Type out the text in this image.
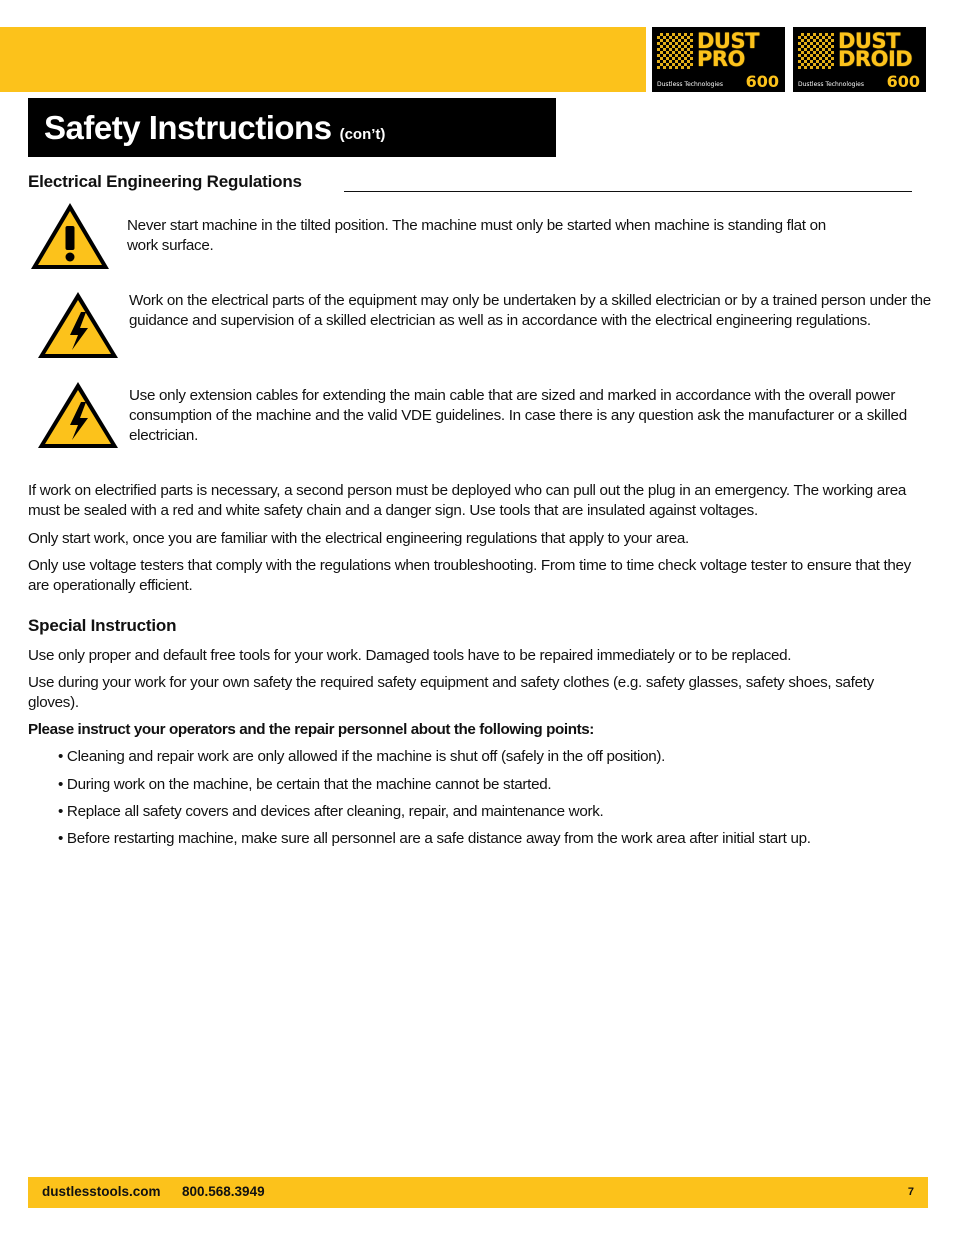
DUST
PRO
600
Dustless Technologies
DUST
DROID
600
Dustless Technologies
Safety Instructions (con’t)
Electrical Engineering Regulations
Never start machine in the tilted position. The machine must only be started when machine is standing flat on work surface.
Work on the electrical parts of the equipment may only be undertaken by a skilled electrician or by a trained person under the guidance and supervision of a skilled electrician as well as in accordance with the electrical engineering regulations.
Use only extension cables for extending the main cable that are sized and marked in accordance with the overall power consumption of the machine and the valid VDE guidelines. In case there is any question ask the manufacturer or a skilled electrician.

If work on electrified parts is necessary, a second person must be deployed who can pull out the plug in an emergency. The working area must be sealed with a red and white safety chain and a danger sign. Use tools that are insulated against voltages.

Only start work, once you are familiar with the electrical engineering regulations that apply to your area.

Only use voltage testers that comply with the regulations when troubleshooting. From time to time check voltage tester to ensure that they are operationally efficient.

Special Instruction

Use only proper and default free tools for your work. Damaged tools have to be repaired immediately or to be replaced.

Use during your work for your own safety the required safety equipment and safety clothes (e.g. safety glasses, safety shoes, safety gloves).

Please instruct your operators and the repair personnel about the following points:

• Cleaning and repair work are only allowed if the machine is shut off (safely in the off position).
• During work on the machine, be certain that the machine cannot be started.
• Replace all safety covers and devices after cleaning, repair, and maintenance work.
• Before restarting machine, make sure all personnel are a safe distance away from the work area after initial start up.
dustlesstools.com 800.568.3949	7
